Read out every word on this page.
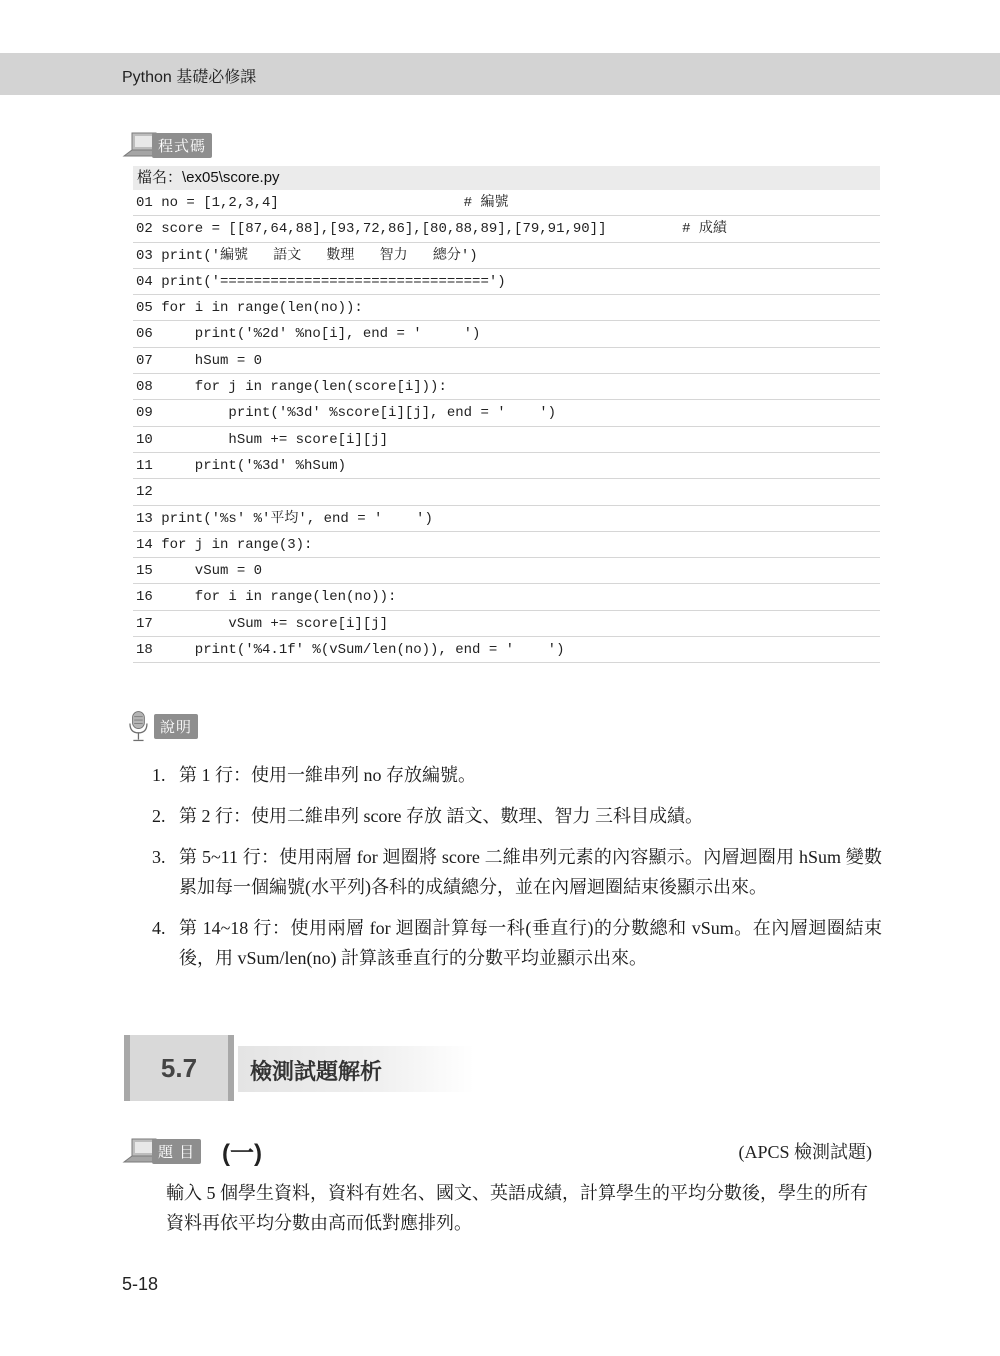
Python 基礎必修課
程式碼
檔名：\ex05\score.py
01 no = [1,2,3,4]                      # 編號
02 score = [[87,64,88],[93,72,86],[80,88,89],[79,91,90]]         # 成績
03 print('編號   語文   數理   智力   總分')
04 print('================================')
05 for i in range(len(no)):
06     print('%2d' %no[i], end = '     ')
07     hSum = 0
08     for j in range(len(score[i])):
09         print('%3d' %score[i][j], end = '    ')
10         hSum += score[i][j]
11     print('%3d' %hSum)
12
13 print('%s' %'平均', end = '    ')
14 for j in range(3):
15     vSum = 0
16     for i in range(len(no)):
17         vSum += score[i][j]
18     print('%4.1f' %(vSum/len(no)), end = '    ')
說明
1. 第 1 行：使用一維串列 no 存放編號。
2. 第 2 行：使用二維串列 score 存放 語文、數理、智力 三科目成績。
3. 第 5~11 行：使用兩層 for 迴圈將 score 二維串列元素的內容顯示。內層迴圈用 hSum 變數累加每一個編號(水平列)各科的成績總分，並在內層迴圈結束後顯示出來。
4. 第 14~18 行：使用兩層 for 迴圈計算每一科(垂直行)的分數總和 vSum。在內層迴圈結束後，用 vSum/len(no) 計算該垂直行的分數平均並顯示出來。
5.7	檢測試題解析
題 目 (一)	(APCS 檢測試題)

輸入 5 個學生資料，資料有姓名、國文、英語成績，計算學生的平均分數後，學生的所有資料再依平均分數由高而低對應排列。

5-18
